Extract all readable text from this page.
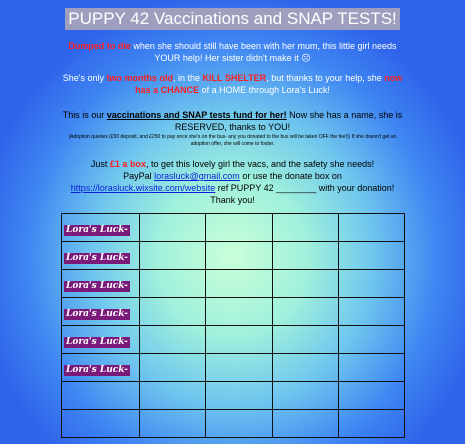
PUPPY 42 Vaccinations and SNAP TESTS!
Dumped to die when she should still have been with her mum, this little girl needs YOUR help! Her sister didn't make it ☹
She's only two months old, in the KILL SHELTER, but thanks to your help, she now has a CHANCE of a HOME through Lora's Luck!
This is our vaccinations and SNAP tests fund for her! Now she has a name, she is RESERVED, thanks to YOU!
(Adoption queries (£50 deposit, and £250 to pay once she's on the bus- any you donated to the bus will be taken OFF the fee!)) If she doesn't get an adoption offer, she will come to foster.
Just £1 a box, to get this lovely girl the vacs, and the safety she needs!
PayPal lorasluck@gmail.com or use the donate box on https://lorasluck.wixsite.com/website ref PUPPY 42 ________ with your donation! Thank you!
Lora's Luck-				
Lora's Luck-				
Lora's Luck-				
Lora's Luck-				
Lora's Luck-				
Lora's Luck-				
